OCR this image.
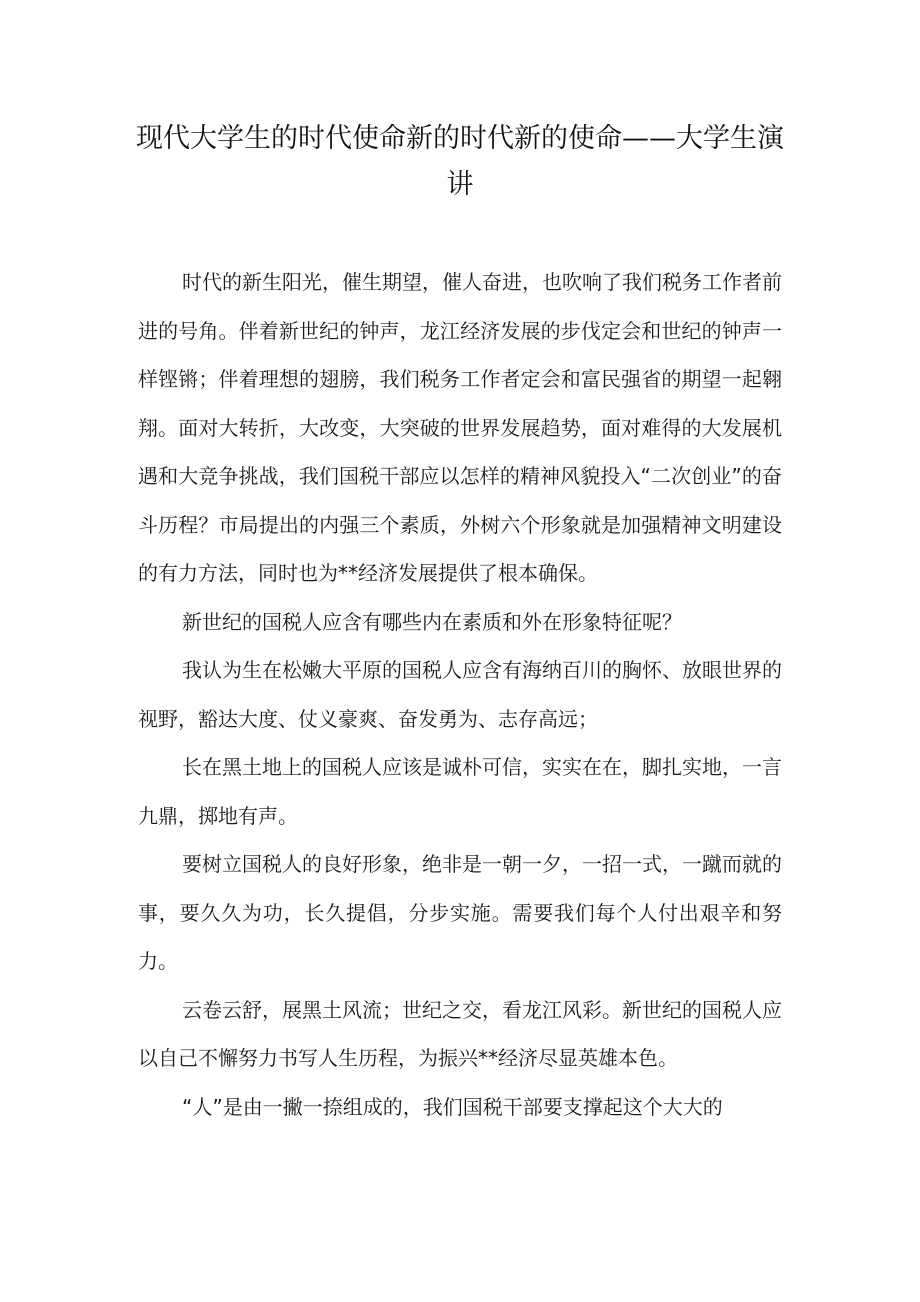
现代大学生的时代使命新的时代新的使命——大学生演讲

时代的新生阳光，催生期望，催人奋进，也吹响了我们税务工作者前进的号角。伴着新世纪的钟声，龙江经济发展的步伐定会和世纪的钟声一样铿锵；伴着理想的翅膀，我们税务工作者定会和富民强省的期望一起翱翔。面对大转折，大改变，大突破的世界发展趋势，面对难得的大发展机遇和大竞争挑战，我们国税干部应以怎样的精神风貌投入“二次创业”的奋斗历程？市局提出的内强三个素质，外树六个形象就是加强精神文明建设的有力方法，同时也为**经济发展提供了根本确保。

新世纪的国税人应含有哪些内在素质和外在形象特征呢？

我认为生在松嫩大平原的国税人应含有海纳百川的胸怀、放眼世界的视野，豁达大度、仗义豪爽、奋发勇为、志存高远；

长在黑土地上的国税人应该是诚朴可信，实实在在，脚扎实地，一言九鼎，掷地有声。

要树立国税人的良好形象，绝非是一朝一夕，一招一式，一蹴而就的事，要久久为功，长久提倡，分步实施。需要我们每个人付出艰辛和努力。

云卷云舒，展黑土风流；世纪之交，看龙江风彩。新世纪的国税人应以自己不懈努力书写人生历程，为振兴**经济尽显英雄本色。

“人”是由一撇一捺组成的，我们国税干部要支撑起这个大大的
